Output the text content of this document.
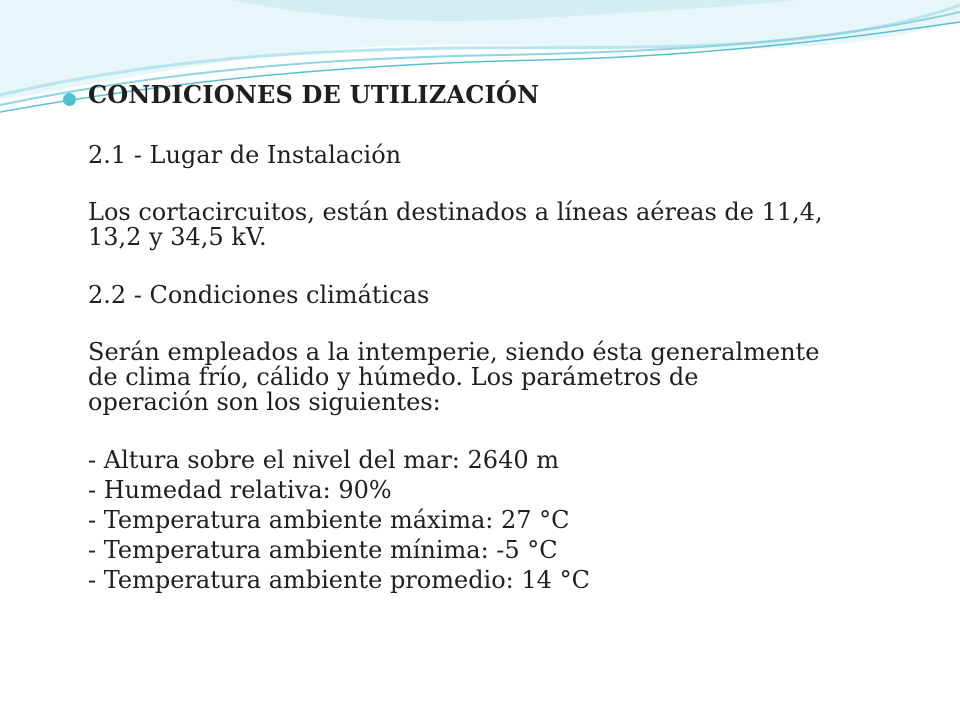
CONDICIONES DE UTILIZACIÓN

2.1 - Lugar de Instalación

Los cortacircuitos, están destinados a líneas aéreas de 11,4,

13,2 y 34,5 kV.

2.2 - Condiciones climáticas

Serán empleados a la intemperie, siendo ésta generalmente

de clima frío, cálido y húmedo. Los parámetros de

operación son los siguientes:

- Altura sobre el nivel del mar: 2640 m

- Humedad relativa: 90%

- Temperatura ambiente máxima: 27 °C

- Temperatura ambiente mínima: -5 °C

- Temperatura ambiente promedio: 14 °C
